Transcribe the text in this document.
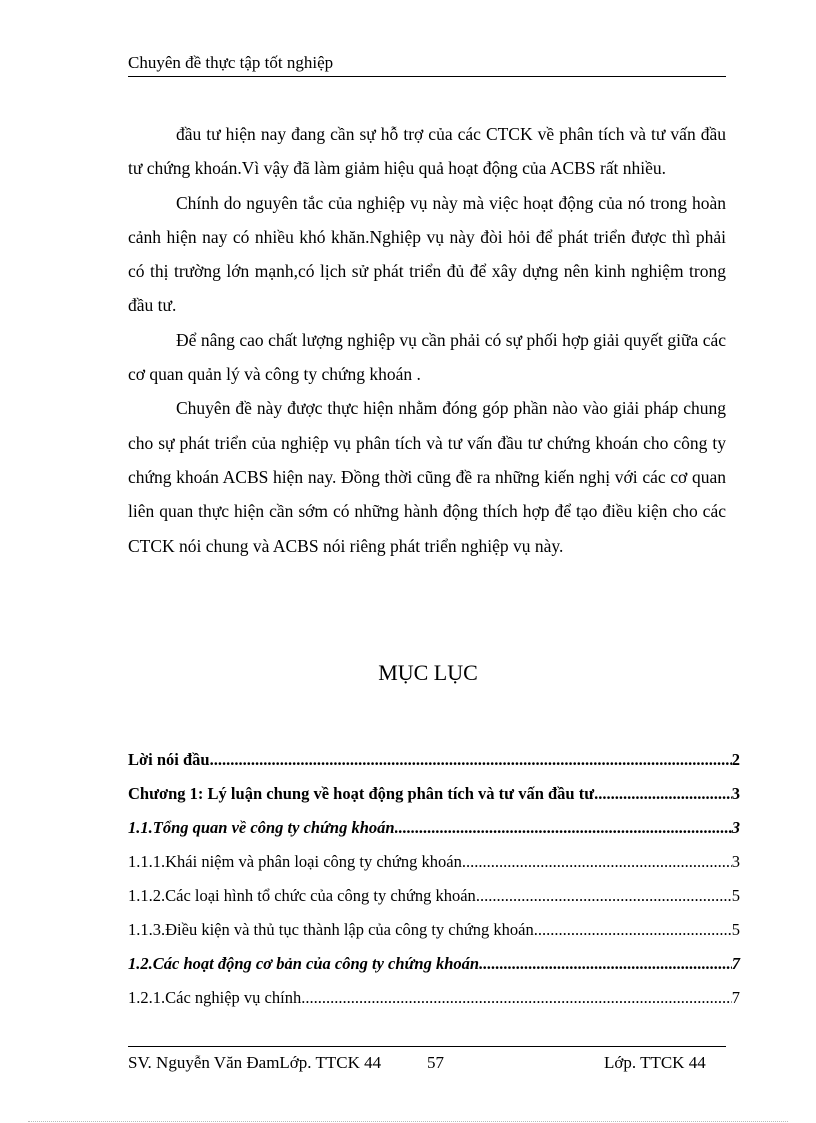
Chuyên đề thực tập tốt nghiệp

đầu tư hiện nay đang cần sự hỗ trợ của các CTCK về phân tích và tư vấn đầu tư chứng khoán.Vì vậy đã làm giảm hiệu quả hoạt động của ACBS rất nhiều.

Chính do nguyên tắc của nghiệp vụ này mà việc hoạt động của nó trong hoàn cảnh hiện nay có nhiều khó khăn.Nghiệp vụ này đòi hỏi để phát triển được thì phải có thị trường lớn mạnh,có lịch sử phát triển đủ để xây dựng nên kinh nghiệm trong đầu tư.

Để nâng cao chất lượng nghiệp vụ cần phải có sự phối hợp giải quyết giữa các cơ quan quản lý và công ty chứng khoán .

Chuyên đề này được thực hiện nhằm đóng góp phần nào vào giải pháp chung cho sự phát triển của nghiệp vụ phân tích và tư vấn đầu tư chứng khoán cho công ty chứng khoán ACBS hiện nay. Đồng thời cũng đề ra những kiến nghị với các cơ quan liên quan thực hiện cần sớm có những hành động thích hợp để tạo điều kiện cho các CTCK nói chung và ACBS nói riêng phát triển nghiệp vụ này.

MỤC LỤC
Lời nói đầu .....	2
Chương 1: Lý luận chung về hoạt động phân tích và tư vấn đầu tư .....	3
1.1.Tổng quan về công ty chứng khoán .....	3
1.1.1.Khái niệm và phân loại công ty chứng khoán .....	3
1.1.2.Các loại hình tổ chức của công ty chứng khoán .....	5
1.1.3.Điều kiện và thủ tục thành lập của công ty chứng khoán .....	5
1.2.Các hoạt động cơ bản của công ty chứng khoán .....	7
1.2.1.Các nghiệp vụ chính .....	7
SV. Nguyễn Văn ĐamLớp. TTCK 44	57	Lớp. TTCK 44
